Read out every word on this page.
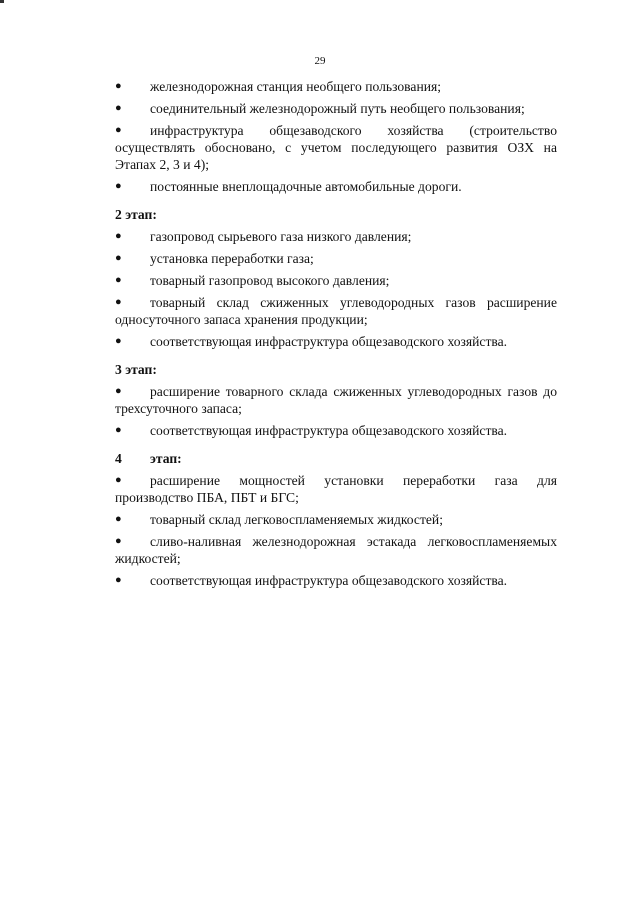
29

● железнодорожная станция необщего пользования;

● соединительный железнодорожный путь необщего пользования;

● инфраструктура общезаводского хозяйства (строительство осуществлять обосновано, с учетом последующего развития ОЗХ на Этапах 2, 3 и 4);

● постоянные внеплощадочные автомобильные дороги.

2 этап:

● газопровод сырьевого газа низкого давления;

● установка переработки газа;

● товарный газопровод высокого давления;

● товарный склад сжиженных углеводородных газов расширение односуточного запаса хранения продукции;

● соответствующая инфраструктура общезаводского хозяйства.

3 этап:

● расширение товарного склада сжиженных углеводородных газов до трехсуточного запаса;

● соответствующая инфраструктура общезаводского хозяйства.

4 этап:

● расширение мощностей установки переработки газа для производство ПБА, ПБТ и БГС;

● товарный склад легковоспламеняемых жидкостей;

● сливо-наливная железнодорожная эстакада легковоспламеняемых жидкостей;

● соответствующая инфраструктура общезаводского хозяйства.
